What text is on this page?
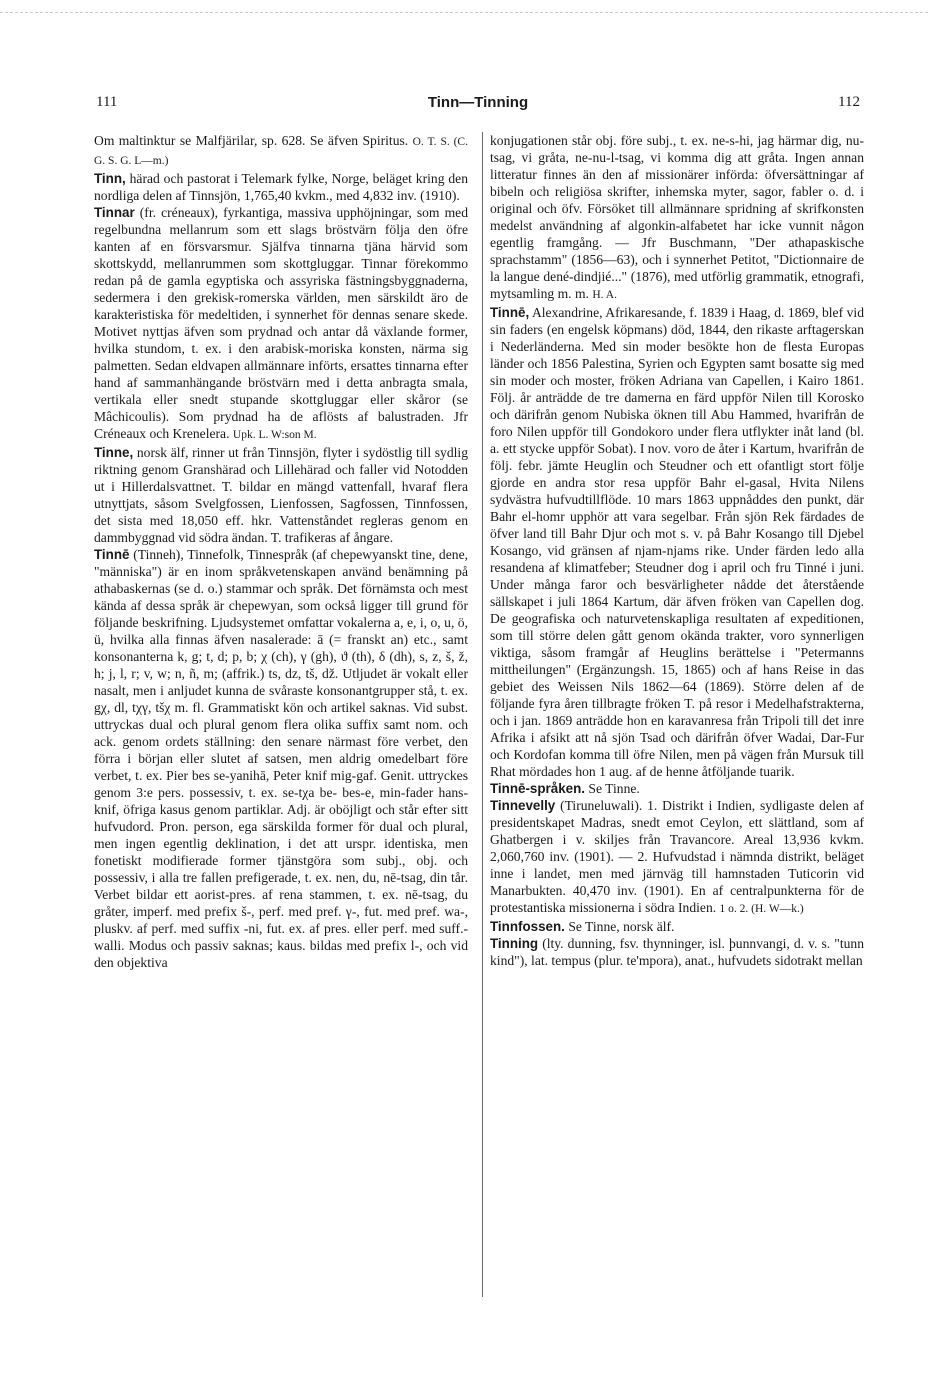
111	Tinn—Tinning	112

Om maltinktur se Malfjärilar, sp. 628. Se äfven Spiritus. O. T. S. (C. G. S. G. L—m.)

Tinn, härad och pastorat i Telemark fylke, Norge, beläget kring den nordliga delen af Tinnsjön, 1,765,40 kvkm., med 4,832 inv. (1910).

Tinnar (fr. créneaux), fyrkantiga, massiva upphöjningar, som med regelbundna mellanrum som ett slags bröstvärn följa den öfre kanten af en försvarsmur. Själfva tinnarna tjäna härvid som skottskydd, mellanrummen som skottgluggar. Tinnar förekommo redan på de gamla egyptiska och assyriska fästningsbyggnaderna, sedermera i den grekisk-romerska världen, men särskildt äro de karakteristiska för medeltiden, i synnerhet för dennas senare skede. Motivet nyttjas äfven som prydnad och antar då växlande former, hvilka stundom, t. ex. i den arabisk-moriska konsten, närma sig palmetten. Sedan eldvapen allmännare införts, ersattes tinnarna efter hand af sammanhängande bröstvärn med i detta anbragta smala, vertikala eller snedt stupande skottgluggar eller skåror (se Mâchicoulis). Som prydnad ha de aflösts af balustraden. Jfr Créneaux och Krenelera. Upk. L. W:son M.

Tinne, norsk älf, rinner ut från Tinnsjön, flyter i sydöstlig till sydlig riktning genom Granshärad och Lillehärad och faller vid Notodden ut i Hillerdalsvattnet. T. bildar en mängd vattenfall, hvaraf flera utnyttjats, såsom Svelgfossen, Lienfossen, Sagfossen, Tinnfossen, det sista med 18,050 eff. hkr. Vattenståndet regleras genom en dammbyggnad vid södra ändan. T. trafikeras af ångare.

Tinnē (Tinneh), Tinnefolk, Tinnespråk (af chepewyanskt tine, dene, "människa") är en inom språkvetenskapen använd benämning på athabaskernas (se d. o.) stammar och språk. Det förnämsta och mest kända af dessa språk är chepewyan, som också ligger till grund för följande beskrifning. Ljudsystemet omfattar vokalerna a, e, i, o, u, ö, ü, hvilka alla finnas äfven nasalerade: ā (= franskt an) etc., samt konsonanterna k, g; t, d; p, b; χ (ch), γ (gh), ϑ (th), δ (dh), s, z, š, ž, h; j, l, r; v, w; n, ñ, m; (affrik.) ts, dz, tš, dž. Utljudet är vokalt eller nasalt, men i anljudet kunna de svåraste konsonantgrupper stå, t. ex. gχ, dl, tχγ, tšχ m. fl. Grammatiskt kön och artikel saknas. Vid subst. uttryckas dual och plural genom flera olika suffix samt nom. och ack. genom ordets ställning: den senare närmast före verbet, den förra i början eller slutet af satsen, men aldrig omedelbart före verbet, t. ex. Pier bes se-yanihā, Peter knif mig-gaf. Genit. uttryckes genom 3:e pers. possessiv, t. ex. se-tχa be- bes-e, min-fader hans-knif, öfriga kasus genom partiklar. Adj. är oböjligt och står efter sitt hufvudord. Pron. person, ega särskilda former för dual och plural, men ingen egentlig deklination, i det att urspr. identiska, men fonetiskt modifierade former tjänstgöra som subj., obj. och possessiv, i alla tre fallen prefigerade, t. ex. nen, du, nē-tsag, din tår. Verbet bildar ett aorist-pres. af rena stammen, t. ex. nē-tsag, du gråter, imperf. med prefix š-, perf. med pref. γ-, fut. med pref. wa-, pluskv. af perf. med suffix -ni, fut. ex. af pres. eller perf. med suff.-walli. Modus och passiv saknas; kaus. bildas med prefix l-, och vid den objektiva

konjugationen står obj. före subj., t. ex. ne-s-hi, jag härmar dig, nu-tsag, vi gråta, ne-nu-l-tsag, vi komma dig att gråta. Ingen annan litteratur finnes än den af missionärer införda: öfversättningar af bibeln och religiösa skrifter, inhemska myter, sagor, fabler o. d. i original och öfv. Försöket till allmännare spridning af skrifkonsten medelst användning af algonkin-alfabetet har icke vunnit någon egentlig framgång. — Jfr Buschmann, "Der athapaskische sprachstamm" (1856—63), och i synnerhet Petitot, "Dictionnaire de la langue dené-dindjié..." (1876), med utförlig grammatik, etnografi, mytsamling m. m. H. A.

Tinnē, Alexandrine, Afrikaresande, f. 1839 i Haag, d. 1869, blef vid sin faders (en engelsk köpmans) död, 1844, den rikaste arftagerskan i Nederländerna. Med sin moder besökte hon de flesta Europas länder och 1856 Palestina, Syrien och Egypten samt bosatte sig med sin moder och moster, fröken Adriana van Capellen, i Kairo 1861. Följ. år anträdde de tre damerna en färd uppför Nilen till Korosko och därifrån genom Nubiska öknen till Abu Hammed, hvarifrån de foro Nilen uppför till Gondokoro under flera utflykter inåt land (bl. a. ett stycke uppför Sobat). I nov. voro de åter i Kartum, hvarifrån de följ. febr. jämte Heuglin och Steudner och ett ofantligt stort följe gjorde en andra stor resa uppför Bahr el-gasal, Hvita Nilens sydvästra hufvudtillflöde. 10 mars 1863 uppnåddes den punkt, där Bahr el-homr upphör att vara segelbar. Från sjön Rek färdades de öfver land till Bahr Djur och mot s. v. på Bahr Kosango till Djebel Kosango, vid gränsen af njam-njams rike. Under färden ledo alla resandena af klimatfeber; Steudner dog i april och fru Tinné i juni. Under många faror och besvärligheter nådde det återstående sällskapet i juli 1864 Kartum, där äfven fröken van Capellen dog. De geografiska och naturvetenskapliga resultaten af expeditionen, som till större delen gått genom okända trakter, voro synnerligen viktiga, såsom framgår af Heuglins berättelse i "Petermanns mittheilungen" (Ergänzungsh. 15, 1865) och af hans Reise in das gebiet des Weissen Nils 1862—64 (1869). Större delen af de följande fyra åren tillbragte fröken T. på resor i Medelhafstrakterna, och i jan. 1869 anträdde hon en karavanresa från Tripoli till det inre Afrika i afsikt att nå sjön Tsad och därifrån öfver Wadai, Dar-Fur och Kordofan komma till öfre Nilen, men på vägen från Mursuk till Rhat mördades hon 1 aug. af de henne åtföljande tuarik.

Tinnē-språken. Se Tinne.

Tinnevelly (Tiruneluwali). 1. Distrikt i Indien, sydligaste delen af presidentskapet Madras, snedt emot Ceylon, ett slättland, som af Ghatbergen i v. skiljes från Travancore. Areal 13,936 kvkm. 2,060,760 inv. (1901). — 2. Hufvudstad i nämnda distrikt, beläget inne i landet, men med järnväg till hamnstaden Tuticorin vid Manarbukten. 40,470 inv. (1901). En af centralpunkterna för de protestantiska missionerna i södra Indien. 1 o. 2. (H. W—k.)

Tinnfossen. Se Tinne, norsk älf.

Tinning (lty. dunning, fsv. thynninger, isl. þunnvangi, d. v. s. "tunn kind"), lat. tempus (plur. te'mpora), anat., hufvudets sidotrakt mellan
